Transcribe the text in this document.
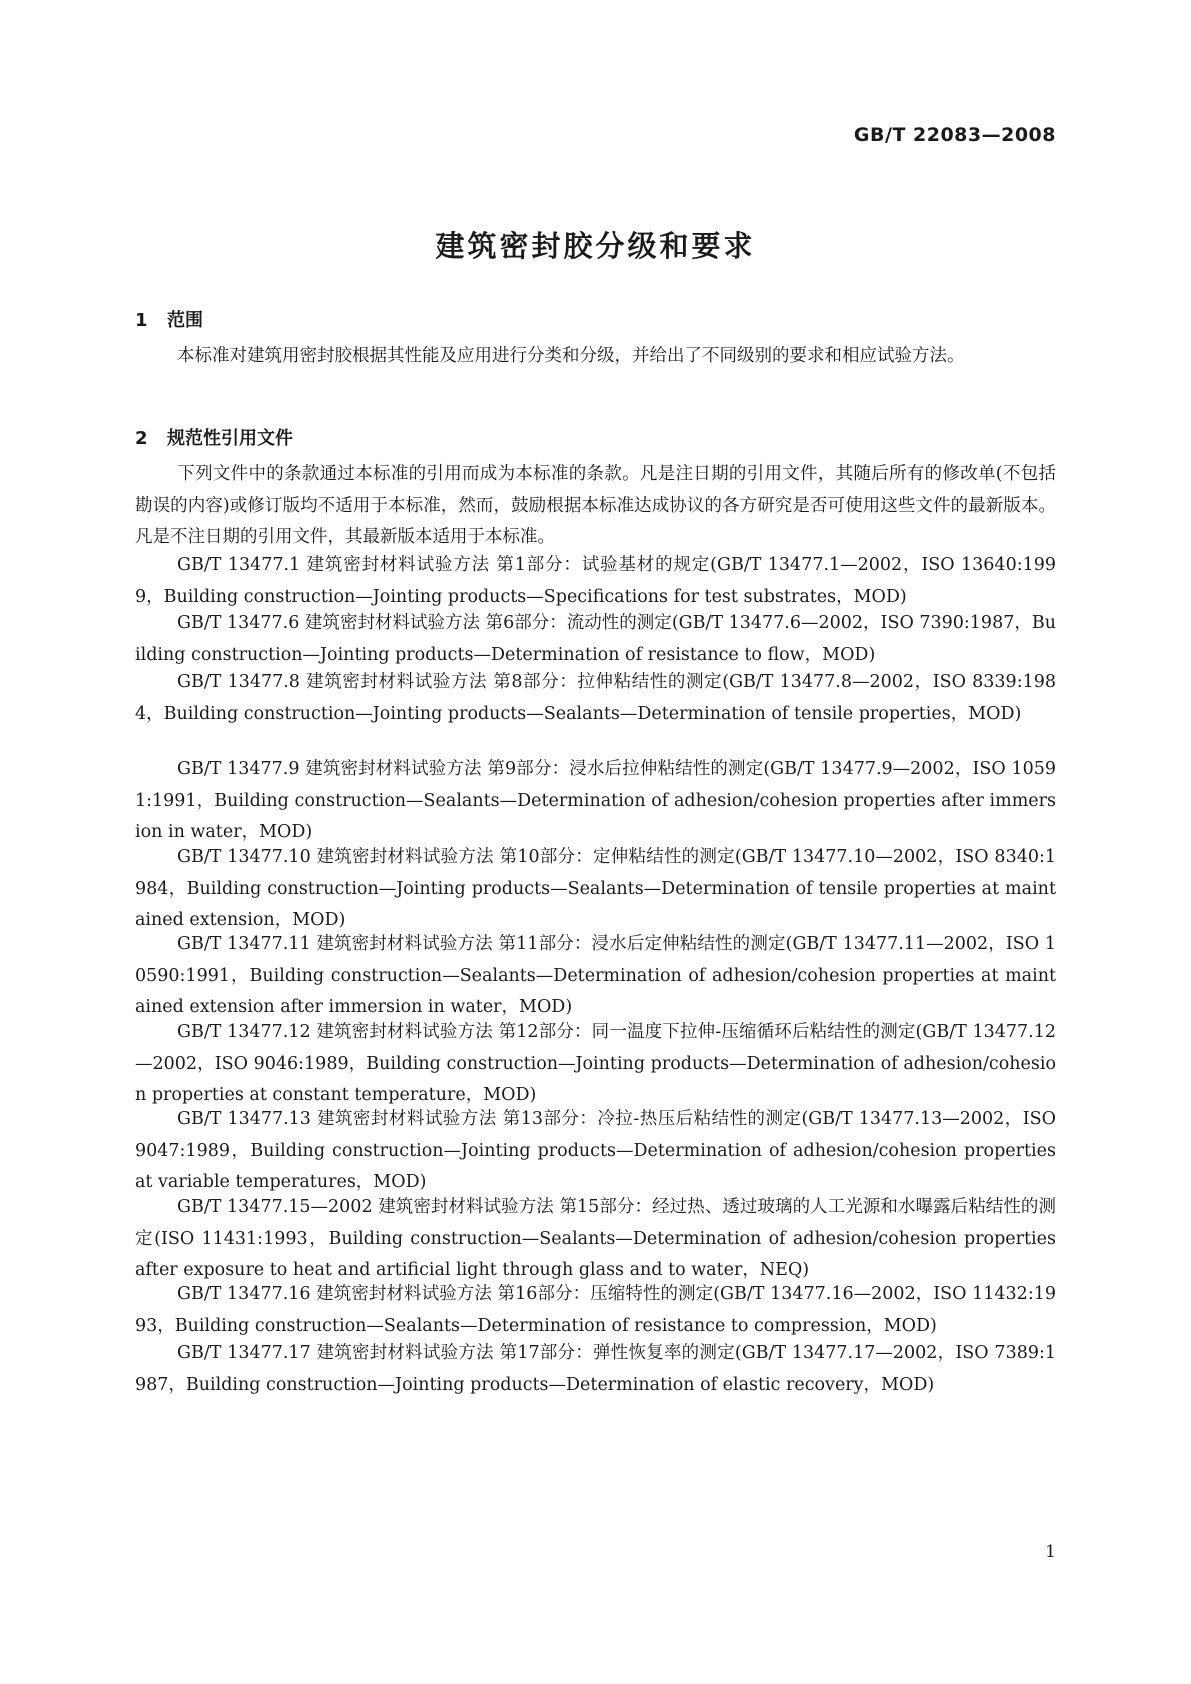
GB/T 22083—2008
建筑密封胶分级和要求
1 范围

本标准对建筑用密封胶根据其性能及应用进行分类和分级，并给出了不同级别的要求和相应试验方法。

2 规范性引用文件

下列文件中的条款通过本标准的引用而成为本标准的条款。凡是注日期的引用文件，其随后所有的修改单(不包括勘误的内容)或修订版均不适用于本标准，然而，鼓励根据本标准达成协议的各方研究是否可使用这些文件的最新版本。凡是不注日期的引用文件，其最新版本适用于本标准。

GB/T 13477.1 建筑密封材料试验方法 第1部分：试验基材的规定(GB/T 13477.1—2002，ISO 13640:1999，Building construction—Jointing products—Specifications for test substrates，MOD)

GB/T 13477.6 建筑密封材料试验方法 第6部分：流动性的测定(GB/T 13477.6—2002，ISO 7390:1987，Building construction—Jointing products—Determination of resistance to flow，MOD)

GB/T 13477.8 建筑密封材料试验方法 第8部分：拉伸粘结性的测定(GB/T 13477.8—2002，ISO 8339:1984，Building construction—Jointing products—Sealants—Determination of tensile properties，MOD)

GB/T 13477.9 建筑密封材料试验方法 第9部分：浸水后拉伸粘结性的测定(GB/T 13477.9—2002，ISO 10591:1991，Building construction—Sealants—Determination of adhesion/cohesion properties after immersion in water，MOD)

GB/T 13477.10 建筑密封材料试验方法 第10部分：定伸粘结性的测定(GB/T 13477.10—2002，ISO 8340:1984，Building construction—Jointing products—Sealants—Determination of tensile properties at maintained extension，MOD)

GB/T 13477.11 建筑密封材料试验方法 第11部分：浸水后定伸粘结性的测定(GB/T 13477.11—2002，ISO 10590:1991，Building construction—Sealants—Determination of adhesion/cohesion properties at maintained extension after immersion in water，MOD)

GB/T 13477.12 建筑密封材料试验方法 第12部分：同一温度下拉伸-压缩循环后粘结性的测定(GB/T 13477.12—2002，ISO 9046:1989，Building construction—Jointing products—Determination of adhesion/cohesion properties at constant temperature，MOD)

GB/T 13477.13 建筑密封材料试验方法 第13部分：冷拉-热压后粘结性的测定(GB/T 13477.13—2002，ISO 9047:1989，Building construction—Jointing products—Determination of adhesion/cohesion properties at variable temperatures，MOD)

GB/T 13477.15—2002 建筑密封材料试验方法 第15部分：经过热、透过玻璃的人工光源和水曝露后粘结性的测定(ISO 11431:1993，Building construction—Sealants—Determination of adhesion/cohesion properties after exposure to heat and artificial light through glass and to water，NEQ)

GB/T 13477.16 建筑密封材料试验方法 第16部分：压缩特性的测定(GB/T 13477.16—2002，ISO 11432:1993，Building construction—Sealants—Determination of resistance to compression，MOD)

GB/T 13477.17 建筑密封材料试验方法 第17部分：弹性恢复率的测定(GB/T 13477.17—2002，ISO 7389:1987，Building construction—Jointing products—Determination of elastic recovery，MOD)

1
